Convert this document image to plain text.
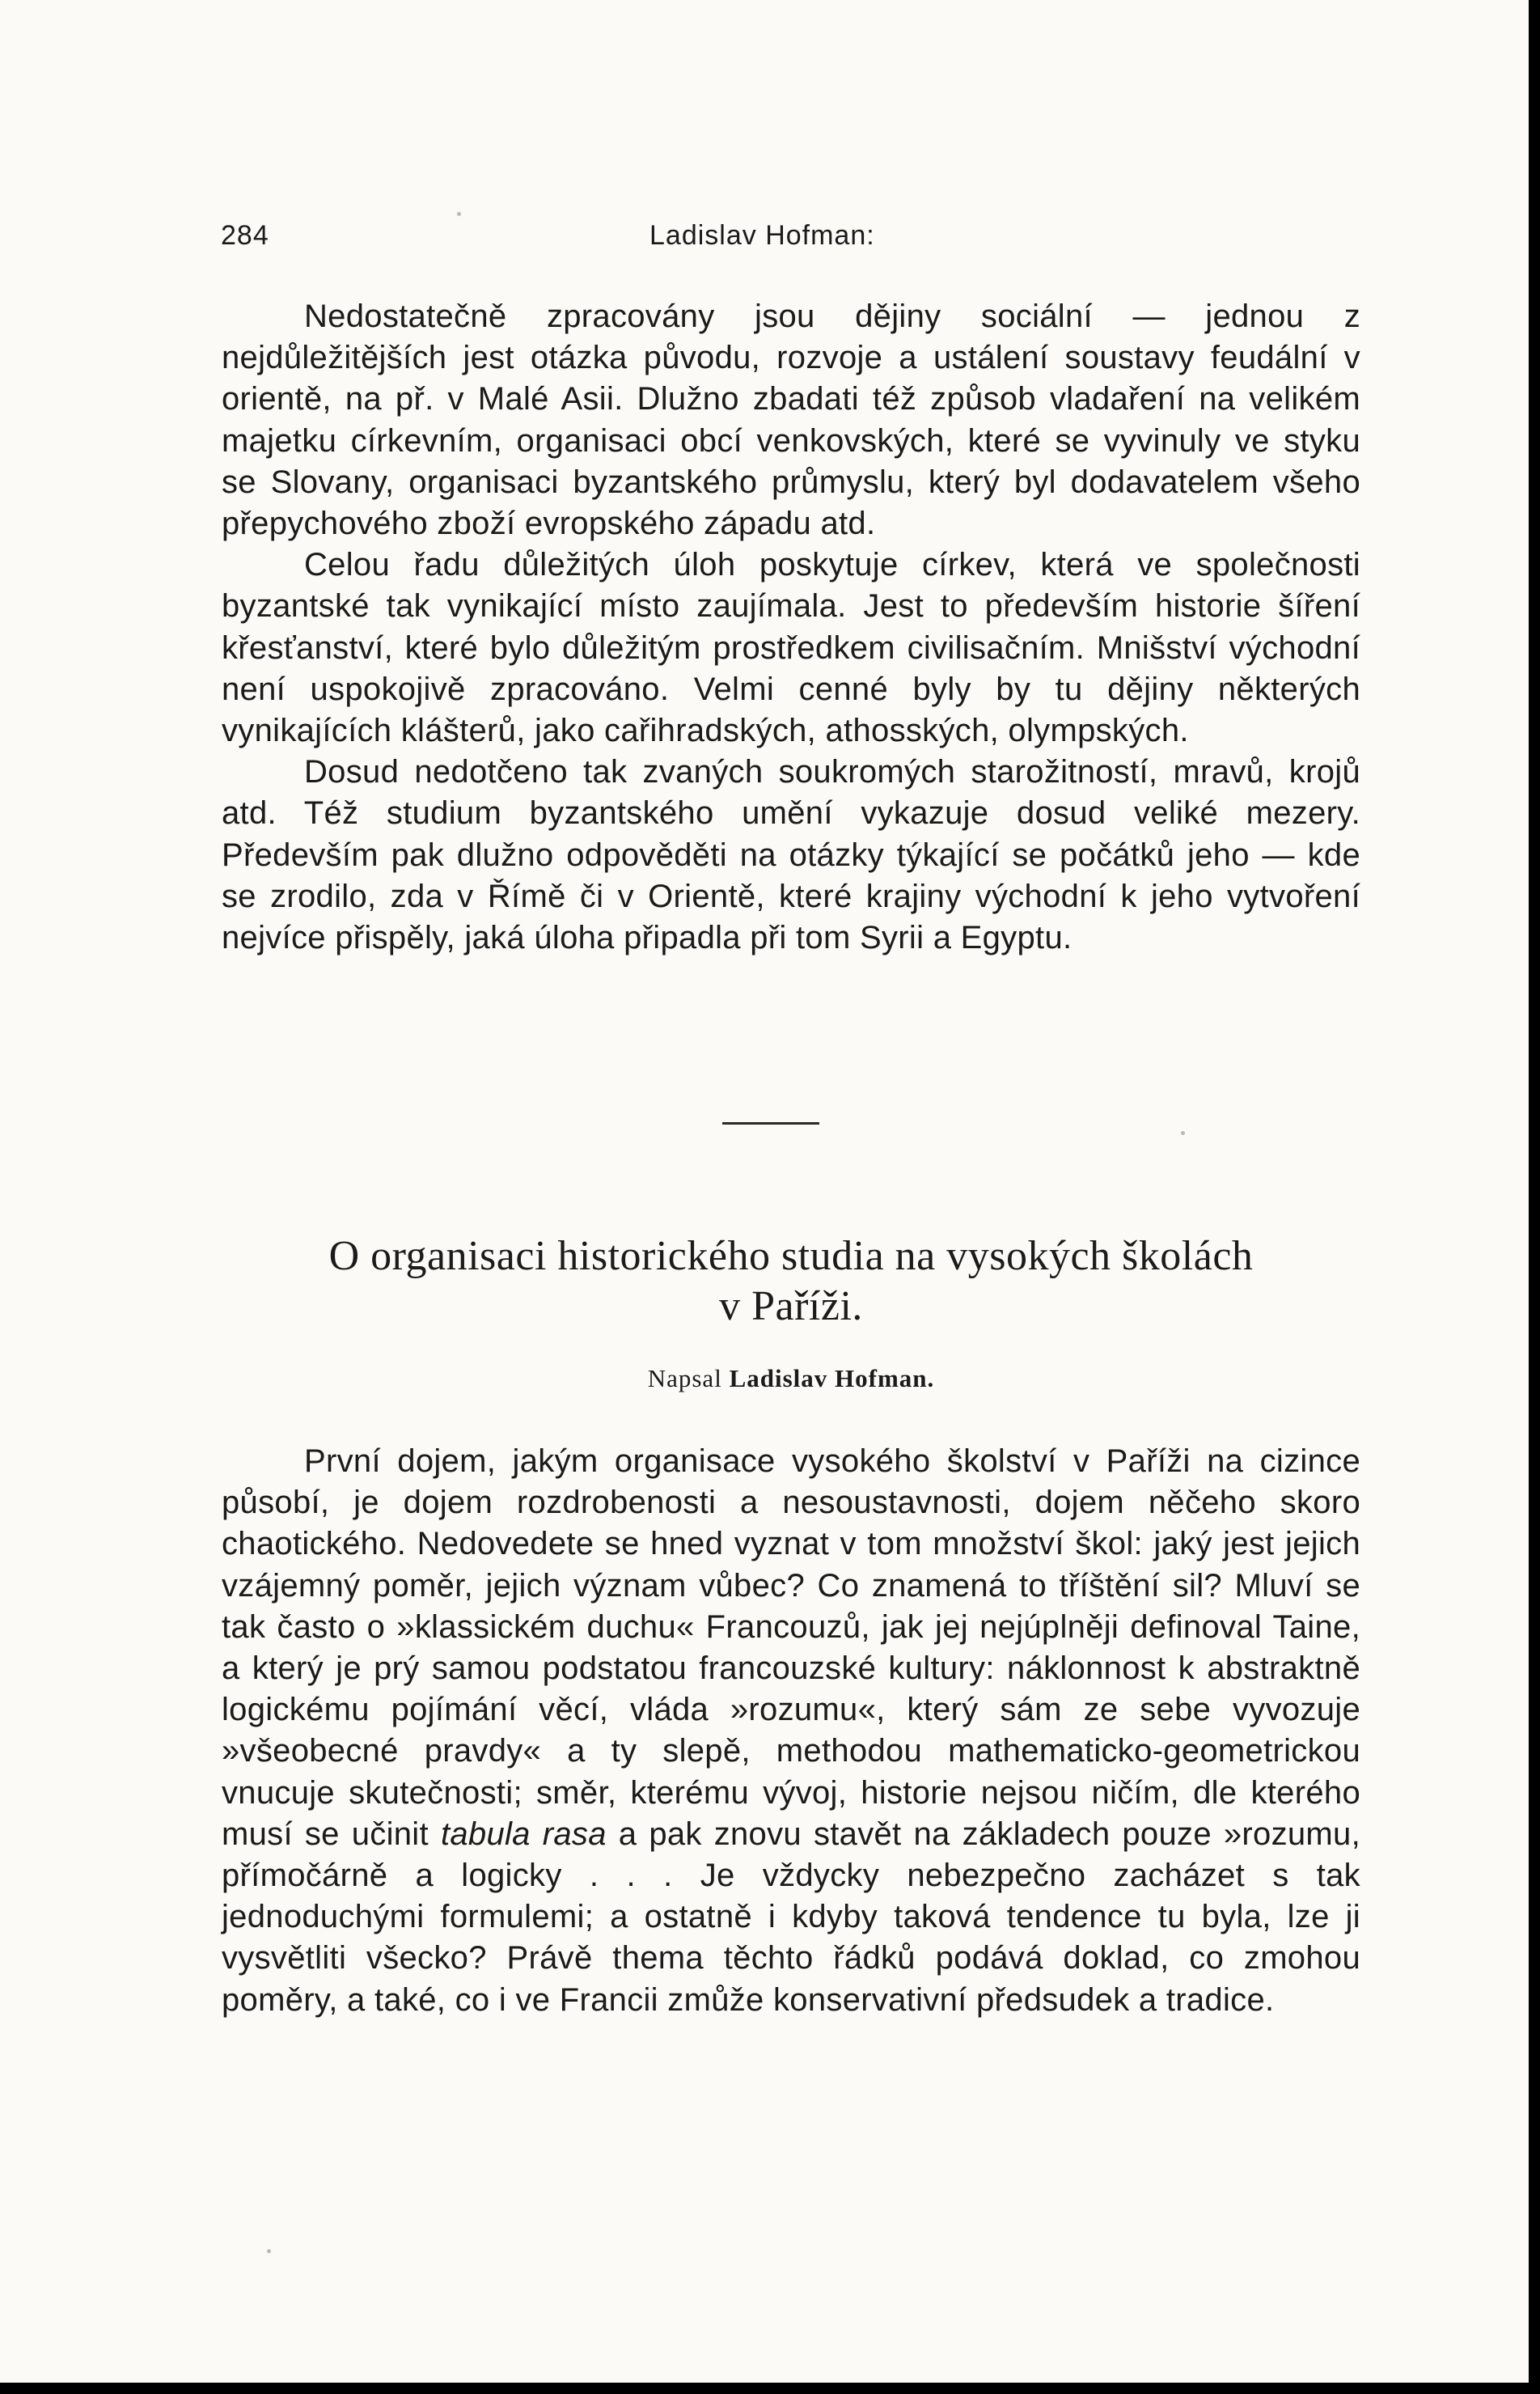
284	Ladislav Hofman:

Nedostatečně zpracovány jsou dějiny sociální — jednou z nejdůležitějších jest otázka původu, rozvoje a ustálení soustavy feudální v orientě, na př. v Malé Asii. Dlužno zbadati též způsob vladaření na velikém majetku církevním, organisaci obcí venkovských, které se vyvinuly ve styku se Slovany, organisaci byzantského průmyslu, který byl dodavatelem všeho přepychového zboží evropského západu atd.

Celou řadu důležitých úloh poskytuje církev, která ve společnosti byzantské tak vynikající místo zaujímala. Jest to především historie šíření křesťanství, které bylo důležitým prostředkem civilisačním. Mnišství východní není uspokojivě zpracováno. Velmi cenné byly by tu dějiny některých vynikajících klášterů, jako cařihradských, athosských, olympských.

Dosud nedotčeno tak zvaných soukromých starožitností, mravů, krojů atd. Též studium byzantského umění vykazuje dosud veliké mezery. Především pak dlužno odpověděti na otázky týkající se počátků jeho — kde se zrodilo, zda v Římě či v Orientě, které krajiny východní k jeho vytvoření nejvíce přispěly, jaká úloha připadla při tom Syrii a Egyptu.

O organisaci historického studia na vysokých školách
v Paříži.
Napsal Ladislav Hofman.

První dojem, jakým organisace vysokého školství v Paříži na cizince působí, je dojem rozdrobenosti a nesoustavnosti, dojem něčeho skoro chaotického. Nedovedete se hned vyznat v tom množství škol: jaký jest jejich vzájemný poměr, jejich význam vůbec? Co znamená to tříštění sil? Mluví se tak často o »klassickém duchu« Francouzů, jak jej nejúplněji definoval Taine, a který je prý samou podstatou francouzské kultury: náklonnost k abstraktně logickému pojímání věcí, vláda »rozumu«, který sám ze sebe vyvozuje »všeobecné pravdy« a ty slepě, methodou mathematicko-geometrickou vnucuje skutečnosti; směr, kterému vývoj, historie nejsou ničím, dle kterého musí se učinit tabula rasa a pak znovu stavět na základech pouze »rozumu, přímočárně a logicky . . . Je vždycky nebezpečno zacházet s tak jednoduchými formulemi; a ostatně i kdyby taková tendence tu byla, lze ji vysvětliti všecko? Právě thema těchto řádků podává doklad, co zmohou poměry, a také, co i ve Francii zmůže konservativní předsudek a tradice.
